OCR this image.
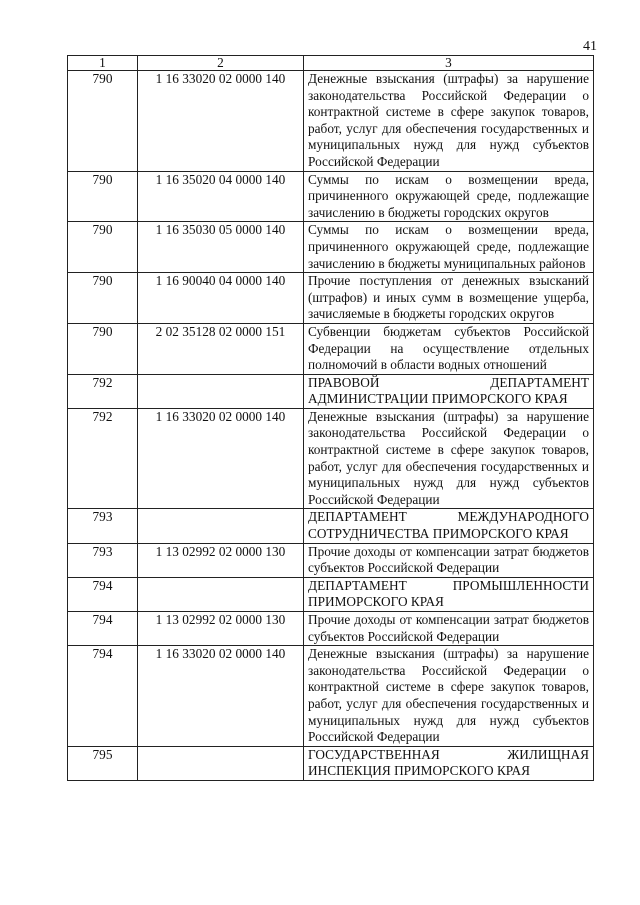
41
1	2	3
790	1 16 33020 02 0000 140	Денежные взыскания (штрафы) за нарушение законодательства Российской Федерации о контрактной системе в сфере закупок товаров, работ, услуг для обеспечения государственных и муниципальных нужд для нужд субъектов Российской Федерации
790	1 16 35020 04 0000 140	Суммы по искам о возмещении вреда, причиненного окружающей среде, подлежащие зачислению в бюджеты городских округов
790	1 16 35030 05 0000 140	Суммы по искам о возмещении вреда, причиненного окружающей среде, подлежащие зачислению в бюджеты муниципальных районов
790	1 16 90040 04 0000 140	Прочие поступления от денежных взысканий (штрафов) и иных сумм в возмещение ущерба, зачисляемые в бюджеты городских округов
790	2 02 35128 02 0000 151	Субвенции бюджетам субъектов Российской Федерации на осуществление отдельных полномочий в области водных отношений
792		ПРАВОВОЙ ДЕПАРТАМЕНТ АДМИНИСТРАЦИИ ПРИМОРСКОГО КРАЯ
792	1 16 33020 02 0000 140	Денежные взыскания (штрафы) за нарушение законодательства Российской Федерации о контрактной системе в сфере закупок товаров, работ, услуг для обеспечения государственных и муниципальных нужд для нужд субъектов Российской Федерации
793		ДЕПАРТАМЕНТ МЕЖДУНАРОДНОГО СОТРУДНИЧЕСТВА ПРИМОРСКОГО КРАЯ
793	1 13 02992 02 0000 130	Прочие доходы от компенсации затрат бюджетов субъектов Российской Федерации
794		ДЕПАРТАМЕНТ ПРОМЫШЛЕННОСТИ ПРИМОРСКОГО КРАЯ
794	1 13 02992 02 0000 130	Прочие доходы от компенсации затрат бюджетов субъектов Российской Федерации
794	1 16 33020 02 0000 140	Денежные взыскания (штрафы) за нарушение законодательства Российской Федерации о контрактной системе в сфере закупок товаров, работ, услуг для обеспечения государственных и муниципальных нужд для нужд субъектов Российской Федерации
795		ГОСУДАРСТВЕННАЯ ЖИЛИЩНАЯ ИНСПЕКЦИЯ ПРИМОРСКОГО КРАЯ
